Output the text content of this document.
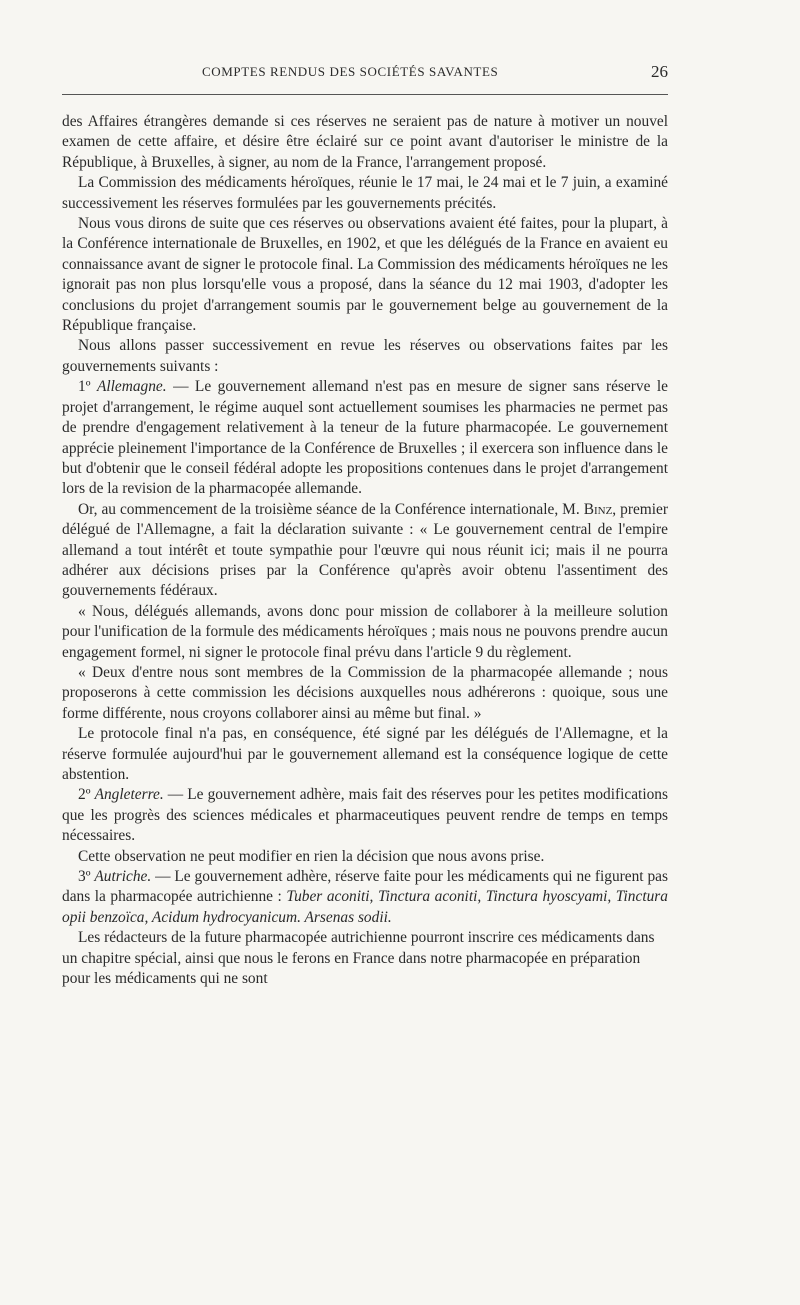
COMPTES RENDUS DES SOCIÉTÉS SAVANTES	26

des Affaires étrangères demande si ces réserves ne seraient pas de nature à motiver un nouvel examen de cette affaire, et désire être éclairé sur ce point avant d'autoriser le ministre de la République, à Bruxelles, à signer, au nom de la France, l'arrangement proposé.

La Commission des médicaments héroïques, réunie le 17 mai, le 24 mai et le 7 juin, a examiné successivement les réserves formulées par les gouvernements précités.

Nous vous dirons de suite que ces réserves ou observations avaient été faites, pour la plupart, à la Conférence internationale de Bruxelles, en 1902, et que les délégués de la France en avaient eu connaissance avant de signer le protocole final. La Commission des médicaments héroïques ne les ignorait pas non plus lorsqu'elle vous a proposé, dans la séance du 12 mai 1903, d'adopter les conclusions du projet d'arrangement soumis par le gouvernement belge au gouvernement de la République française.

Nous allons passer successivement en revue les réserves ou observations faites par les gouvernements suivants :

1º Allemagne. — Le gouvernement allemand n'est pas en mesure de signer sans réserve le projet d'arrangement, le régime auquel sont actuellement soumises les pharmacies ne permet pas de prendre d'engagement relativement à la teneur de la future pharmacopée. Le gouvernement apprécie pleinement l'importance de la Conférence de Bruxelles ; il exercera son influence dans le but d'obtenir que le conseil fédéral adopte les propositions contenues dans le projet d'arrangement lors de la revision de la pharmacopée allemande.

Or, au commencement de la troisième séance de la Conférence internationale, M. Binz, premier délégué de l'Allemagne, a fait la déclaration suivante : « Le gouvernement central de l'empire allemand a tout intérêt et toute sympathie pour l'œuvre qui nous réunit ici; mais il ne pourra adhérer aux décisions prises par la Conférence qu'après avoir obtenu l'assentiment des gouvernements fédéraux.

« Nous, délégués allemands, avons donc pour mission de collaborer à la meilleure solution pour l'unification de la formule des médicaments héroïques ; mais nous ne pouvons prendre aucun engagement formel, ni signer le protocole final prévu dans l'article 9 du règlement.

« Deux d'entre nous sont membres de la Commission de la pharmacopée allemande ; nous proposerons à cette commission les décisions auxquelles nous adhérerons : quoique, sous une forme différente, nous croyons collaborer ainsi au même but final. »

Le protocole final n'a pas, en conséquence, été signé par les délégués de l'Allemagne, et la réserve formulée aujourd'hui par le gouvernement allemand est la conséquence logique de cette abstention.

2º Angleterre. — Le gouvernement adhère, mais fait des réserves pour les petites modifications que les progrès des sciences médicales et pharmaceutiques peuvent rendre de temps en temps nécessaires.

Cette observation ne peut modifier en rien la décision que nous avons prise.

3º Autriche. — Le gouvernement adhère, réserve faite pour les médicaments qui ne figurent pas dans la pharmacopée autrichienne : Tuber aconiti, Tinctura aconiti, Tinctura hyoscyami, Tinctura opii benzoïca, Acidum hydrocyanicum. Arsenas sodii.

Les rédacteurs de la future pharmacopée autrichienne pourront inscrire ces médicaments dans un chapitre spécial, ainsi que nous le ferons en France dans notre pharmacopée en préparation pour les médicaments qui ne sont
